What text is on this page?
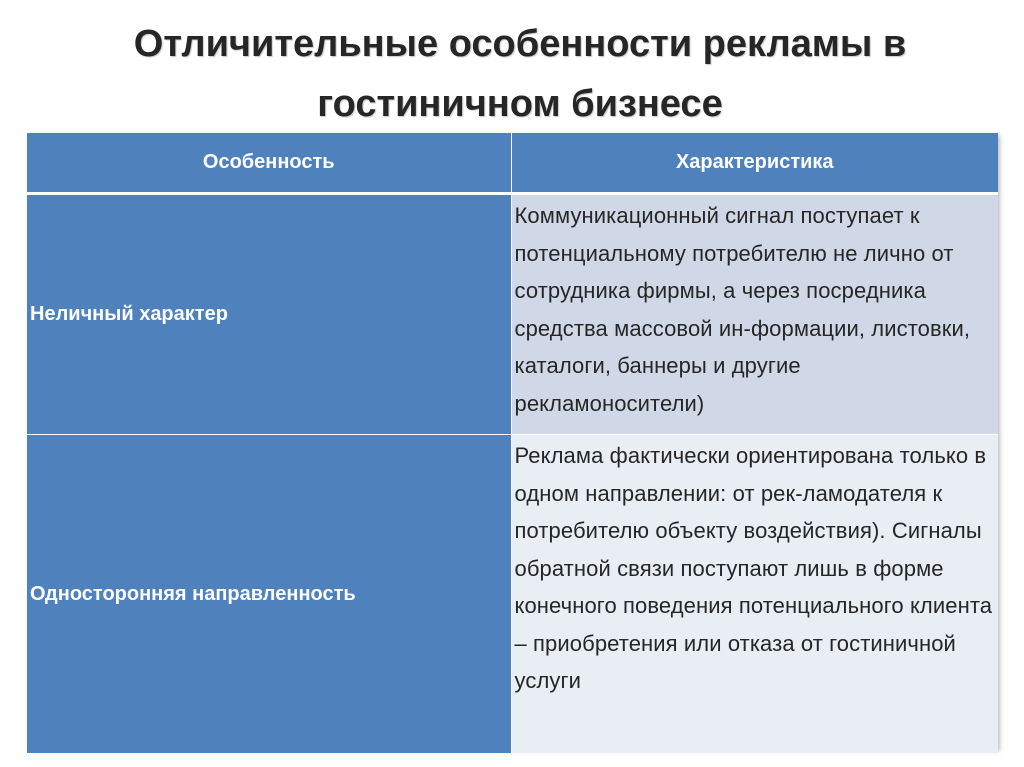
Отличительные особенности рекламы в гостиничном бизнесе
Особенность	Характеристика
Неличный характер	Коммуникационный сигнал поступает к потенциальному потребителю не лично от сотрудника фирмы, а через посредника средства массовой ин-формации, листовки, каталоги, баннеры и другие рекламоносители)
Односторонняя направленность	Реклама фактически ориентирована только в одном направлении: от рек-ламодателя к потребителю объекту воздействия). Сигналы обратной связи поступают лишь в форме конечного поведения потенциального клиента – приобретения или отказа от гостиничной услуги
